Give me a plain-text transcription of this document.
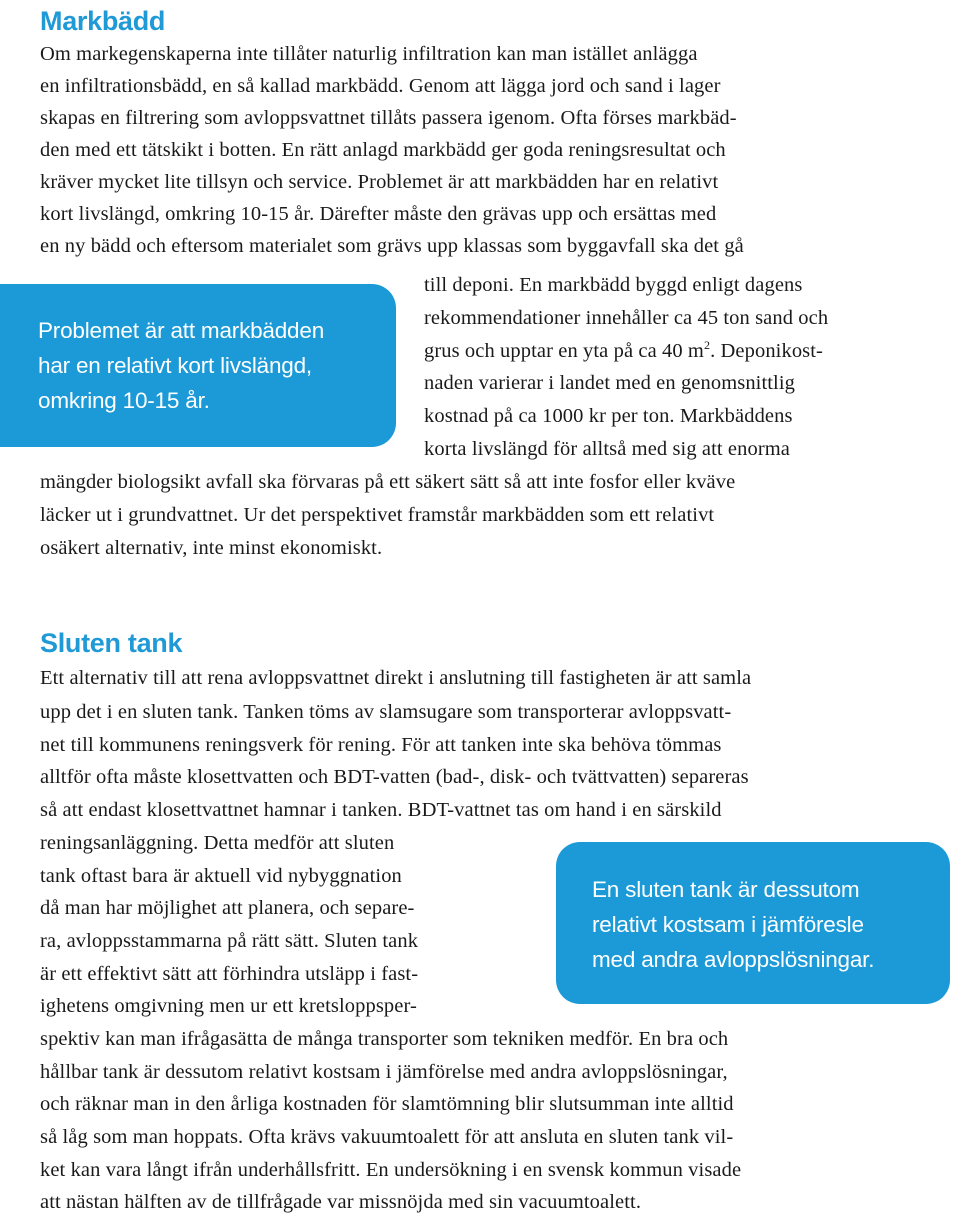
Markbädd
Om markegenskaperna inte tillåter naturlig infiltration kan man istället anlägga
en infiltrationsbädd, en så kallad markbädd. Genom att lägga jord och sand i lager
skapas en filtrering som avloppsvattnet tillåts passera igenom. Ofta förses markbäd-
den med ett tätskikt i botten. En rätt anlagd markbädd ger goda reningsresultat och
kräver mycket lite tillsyn och service. Problemet är att markbädden har en relativt
kort livslängd, omkring 10-15 år. Därefter måste den grävas upp och ersättas med
en ny bädd och eftersom materialet som grävs upp klassas som byggavfall ska det gå
till deponi. En markbädd byggd enligt dagens
rekommendationer innehåller ca 45 ton sand och
grus och upptar en yta på ca 40 $m^2$. Deponikost-
naden varierar i landet med en genomsnittlig
kostnad på ca 1000 kr per ton. Markbäddens
korta livslängd för alltså med sig att enorma
mängder biologsikt avfall ska förvaras på ett säkert sätt så att inte fosfor eller kväve
läcker ut i grundvattnet. Ur det perspektivet framstår markbädden som ett relativt
osäkert alternativ, inte minst ekonomiskt.
Problemet är att markbädden
har en relativt kort livslängd,
omkring 10-15 år.
Sluten tank
Ett alternativ till att rena avloppsvattnet direkt i anslutning till fastigheten är att samla
upp det i en sluten tank. Tanken töms av slamsugare som transporterar avloppsvatt-
net till kommunens reningsverk för rening. För att tanken inte ska behöva tömmas
alltför ofta måste klosettvatten och BDT-vatten (bad-, disk- och tvättvatten) separeras
så att endast klosettvattnet hamnar i tanken. BDT-vattnet tas om hand i en särskild
reningsanläggning. Detta medför att sluten
tank oftast bara är aktuell vid nybyggnation
då man har möjlighet att planera, och separe-
ra, avloppsstammarna på rätt sätt. Sluten tank
är ett effektivt sätt att förhindra utsläpp i fast-
ighetens omgivning men ur ett kretsloppsper-
spektiv kan man ifrågasätta de många transporter som tekniken medför. En bra och
hållbar tank är dessutom relativt kostsam i jämförelse med andra avloppslösningar,
och räknar man in den årliga kostnaden för slamtömning blir slutsumman inte alltid
så låg som man hoppats. Ofta krävs vakuumtoalett för att ansluta en sluten tank vil-
ket kan vara långt ifrån underhållsfritt. En undersökning i en svensk kommun visade
att nästan hälften av de tillfrågade var missnöjda med sin vacuumtoalett.
En sluten tank är dessutom
relativt kostsam i jämföresle
med andra avloppslösningar.
